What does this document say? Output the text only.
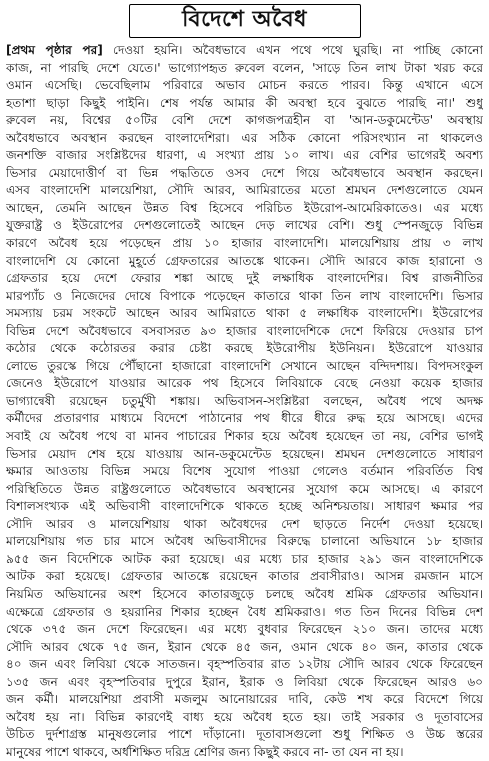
বিদেশে অবৈধ
[প্রথম পৃষ্ঠার পর] দেওয়া হয়নি। অবৈধভাবে এখন পথে পথে ঘুরছি। না পাচ্ছি কোনো
কাজ, না পারছি দেশে যেতে।' ভাগ্যোপহৃত রুবেল বলেন, 'সাড়ে তিন লাখ টাকা খরচ করে
ওমান এসেছি। ভেবেছিলাম পরিবারে অভাব মোচন করতে পারব। কিন্তু এখানে এসে
হতাশা ছাড়া কিছুই পাইনি। শেষ পর্যন্ত আমার কী অবস্থা হবে বুঝতে পারছি না।' শুধু
রুবেল নয়, বিশ্বের ৫০টির বেশি দেশে কাগজপত্রহীন বা 'আন-ডকুমেন্টেড' অবস্থায়
অবৈধভাবে অবস্থান করছেন বাংলাদেশিরা। এর সঠিক কোনো পরিসংখ্যান না থাকলেও
জনশক্তি বাজার সংশ্লিষ্টদের ধারণা, এ সংখ্যা প্রায় ১০ লাখ। এর বেশির ভাগেরই অবশ্য
ভিসার মেয়াদোত্তীর্ণ বা ভিন্ন পদ্ধতিতে ওসব দেশে গিয়ে অবৈধভাবে অবস্থান করছেন।
এসব বাংলাদেশি মালয়েশিয়া, সৌদি আরব, আমিরাতের মতো শ্রমঘন দেশগুলোতে যেমন
আছেন, তেমনি আছেন উন্নত বিশ্ব হিসেবে পরিচিত ইউরোপ-আমেরিকাতেও। এর মধ্যে
যুক্তরাষ্ট্র ও ইউরোপের দেশগুলোতেই আছেন দেড় লাখের বেশি। শুধু স্পেনজুড়ে বিভিন্ন
কারণে অবৈধ হয়ে পড়েছেন প্রায় ১০ হাজার বাংলাদেশি। মালয়েশিয়ায় প্রায় ৩ লাখ
বাংলাদেশি যে কোনো মুহূর্তে গ্রেফতারের আতঙ্কে থাকেন। সৌদি আরবে কাজ হারানো ও
গ্রেফতার হয়ে দেশে ফেরার শঙ্কা আছে দুই লক্ষাধিক বাংলাদেশির। বিশ্ব রাজনীতির
মারপ্যাঁচ ও নিজেদের দোষে বিপাকে পড়েছেন কাতারে থাকা তিন লাখ বাংলাদেশি। ভিসার
সমস্যায় চরম সংকটে আছেন আরব আমিরাতে থাকা ৫ লক্ষাধিক বাংলাদেশি। ইউরোপের
বিভিন্ন দেশে অবৈধভাবে বসবাসরত ৯৩ হাজার বাংলাদেশিকে দেশে ফিরিয়ে দেওয়ার চাপ
কঠোর থেকে কঠোরতর করার চেষ্টা করছে ইউরোপীয় ইউনিয়ন। ইউরোপে যাওয়ার
লোভে তুরস্কে গিয়ে পৌঁছানো হাজারো বাংলাদেশি সেখানে আছেন বন্দিদশায়। বিপদসংকুল
জেনেও ইউরোপে যাওয়ার আরেক পথ হিসেবে লিবিয়াকে বেছে নেওয়া কয়েক হাজার
ভাগ্যান্বেষী রয়েছেন চতুর্মুখী শঙ্কায়। অভিবাসন-সংশ্লিষ্টরা বলছেন, অবৈধ পথে অদক্ষ
কর্মীদের প্রতারণার মাধ্যমে বিদেশে পাঠানোর পথ ধীরে ধীরে রুদ্ধ হয়ে আসছে। এদের
সবাই যে অবৈধ পথে বা মানব পাচারের শিকার হয়ে অবৈধ হয়েছেন তা নয়, বেশির ভাগই
ভিসার মেয়াদ শেষ হয়ে যাওয়ায় আন-ডকুমেন্টেড হয়েছেন। শ্রমঘন দেশগুলোতে সাধারণ
ক্ষমার আওতায় বিভিন্ন সময়ে বিশেষ সুযোগ পাওয়া গেলেও বর্তমান পরিবর্তিত বিশ্ব
পরিস্থিতিতে উন্নত রাষ্ট্রগুলোতে অবৈধভাবে অবস্থানের সুযোগ কমে আসছে। এ কারণে
বিশালসংখ্যক এই অভিবাসী বাংলাদেশিকে থাকতে হচ্ছে অনিশ্চয়তায়। সাধারণ ক্ষমার পর
সৌদি আরব ও মালয়েশিয়ায় থাকা অবৈধদের দেশ ছাড়তে নির্দেশ দেওয়া হয়েছে।
মালয়েশিয়ায় গত চার মাসে অবৈধ অভিবাসীদের বিরুদ্ধে চালানো অভিযানে ১৮ হাজার
৯৫৫ জন বিদেশিকে আটক করা হয়েছে। এর মধ্যে চার হাজার ২৯১ জন বাংলাদেশিকে
আটক করা হয়েছে। গ্রেফতার আতঙ্কে রয়েছেন কাতার প্রবাসীরাও। আসন্ন রমজান মাসে
নিয়মিত অভিযানের অংশ হিসেবে কাতারজুড়ে চলছে অবৈধ শ্রমিক গ্রেফতার অভিযান।
এক্ষেত্রে গ্রেফতার ও হয়রানির শিকার হচ্ছেন বৈধ শ্রমিকরাও। গত তিন দিনের বিভিন্ন দেশ
থেকে ৩৭৫ জন দেশে ফিরেছেন। এর মধ্যে বুধবার ফিরেছেন ২১০ জন। তাদের মধ্যে
সৌদি আরব থেকে ৭৫ জন, ইরান থেকে ৪৫ জন, ওমান থেকে ৪০ জন, কাতার থেকে
৪০ জন এবং লিবিয়া থেকে সাতজন। বৃহস্পতিবার রাত ১২টায় সৌদি আরব থেকে ফিরেছেন
১৩৫ জন এবং বৃহস্পতিবার দুপুরে ইরান, ইরাক ও লিবিয়া থেকে ফিরেছেন আরও ৬০
জন কর্মী। মালয়েশিয়া প্রবাসী মজলুম আনোয়ারের দাবি, কেউ শখ করে বিদেশে গিয়ে
অবৈধ হয় না। বিভিন্ন কারণেই বাধ্য হয়ে অবৈধ হতে হয়। তাই সরকার ও দূতাবাসের
উচিত দুর্দশাগ্রস্ত মানুষগুলোর পাশে দাঁড়ানো। দূতাবাসগুলো শুধু শিক্ষিত ও উচ্চ স্তরের
মানুষের পাশে থাকবে, অর্ধশিক্ষিত দরিদ্র শ্রেণির জন্য কিছুই করবে না- তা যেন না হয়।
